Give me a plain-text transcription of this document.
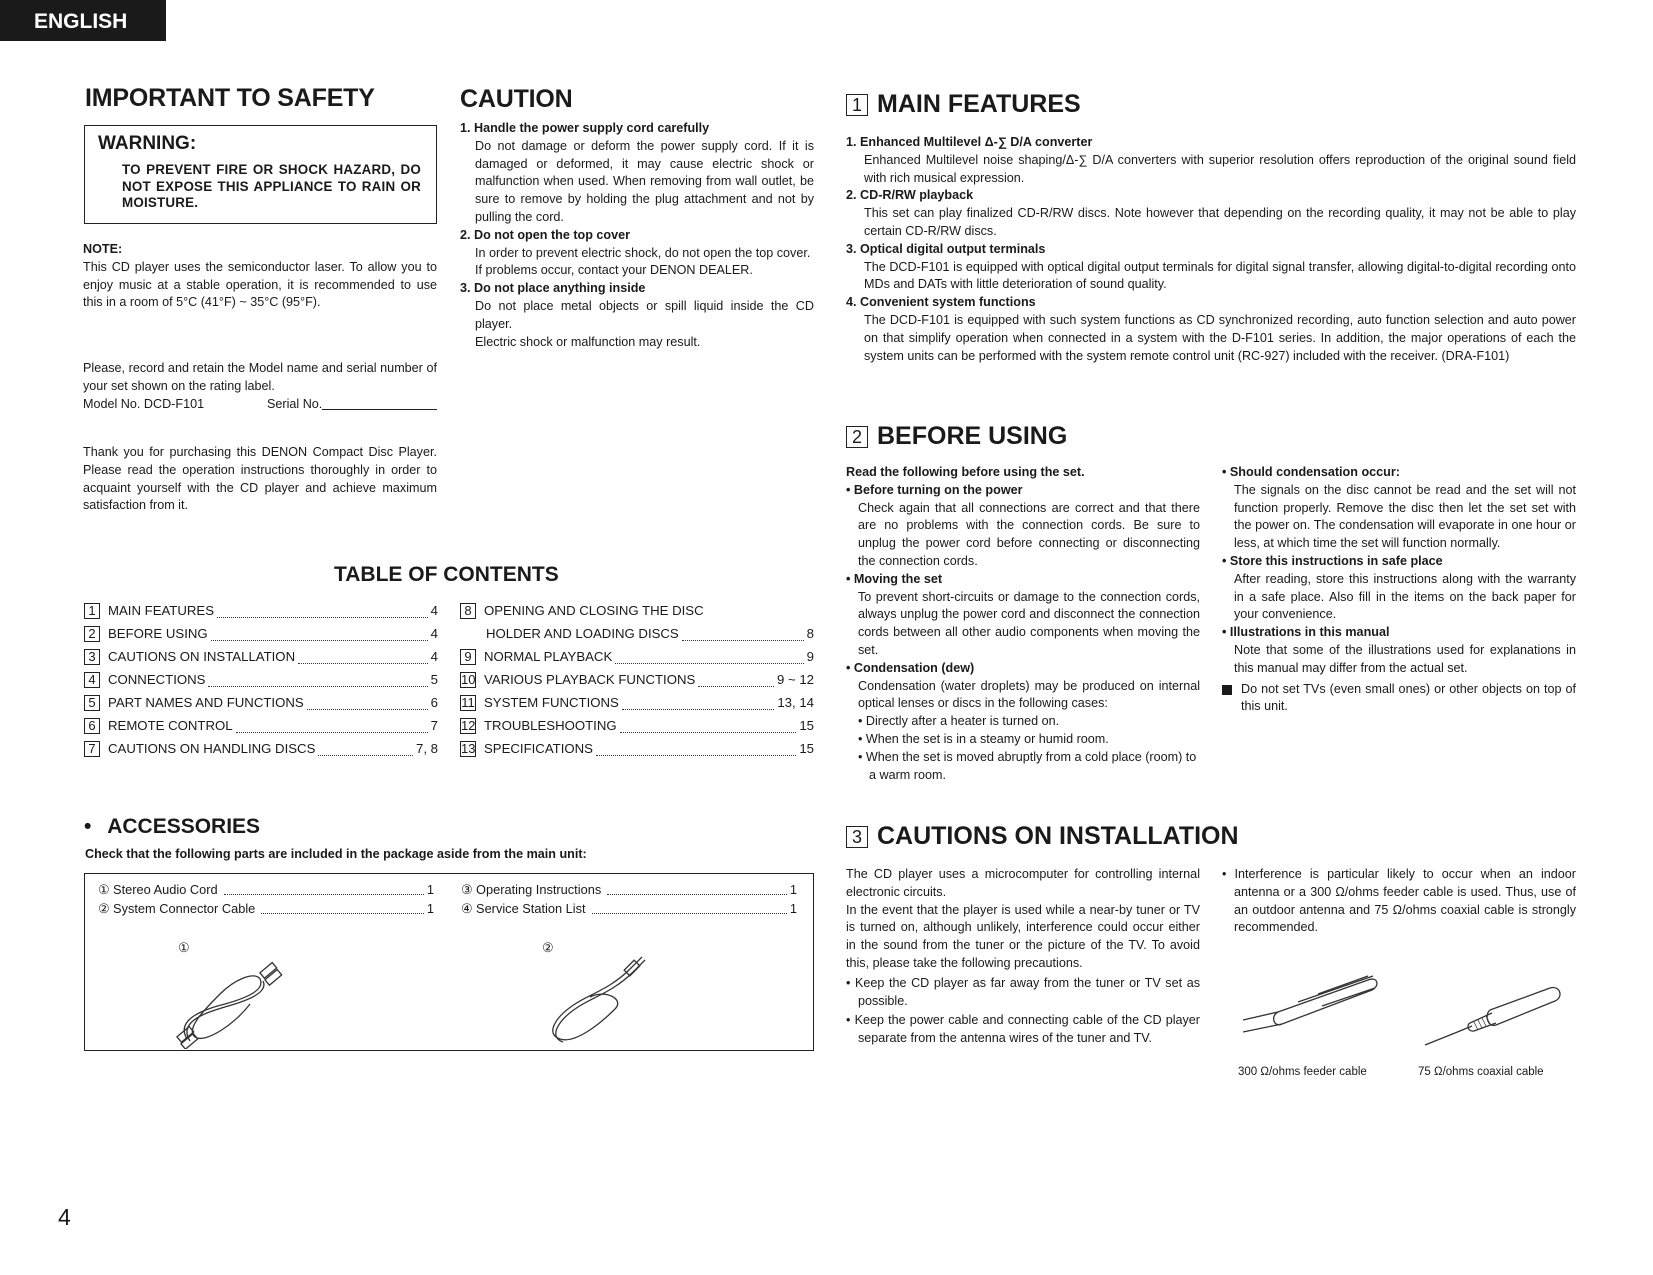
ENGLISH
IMPORTANT TO SAFETY
WARNING:
TO PREVENT FIRE OR SHOCK HAZARD, DO NOT EXPOSE THIS APPLIANCE TO RAIN OR MOISTURE.
NOTE:
This CD player uses the semiconductor laser. To allow you to enjoy music at a stable operation, it is recommended to use this in a room of 5°C (41°F) ~ 35°C (95°F).
Please, record and retain the Model name and serial number of your set shown on the rating label.
Model No. DCD-F101	Serial No.
Thank you for purchasing this DENON Compact Disc Player. Please read the operation instructions thoroughly in order to acquaint yourself with the CD player and achieve maximum satisfaction from it.
CAUTION
1. Handle the power supply cord carefully
Do not damage or deform the power supply cord. If it is damaged or deformed, it may cause electric shock or malfunction when used. When removing from wall outlet, be sure to remove by holding the plug attachment and not by pulling the cord.
2. Do not open the top cover
In order to prevent electric shock, do not open the top cover.
If problems occur, contact your DENON DEALER.
3. Do not place anything inside
Do not place metal objects or spill liquid inside the CD player.
Electric shock or malfunction may result.
TABLE OF CONTENTS
1 MAIN FEATURES	4
2 BEFORE USING	4
3 CAUTIONS ON INSTALLATION	4
4 CONNECTIONS	5
5 PART NAMES AND FUNCTIONS	6
6 REMOTE CONTROL	7
7 CAUTIONS ON HANDLING DISCS	7, 8
8 OPENING AND CLOSING THE DISC
HOLDER AND LOADING DISCS	8
9 NORMAL PLAYBACK	9
10 VARIOUS PLAYBACK FUNCTIONS	9 ~ 12
11 SYSTEM FUNCTIONS	13, 14
12 TROUBLESHOOTING	15
13 SPECIFICATIONS	15
• ACCESSORIES
Check that the following parts are included in the package aside from the main unit:
① Stereo Audio Cord	1
② System Connector Cable	1
③ Operating Instructions	1
④ Service Station List	1
①	②
1 MAIN FEATURES
1. Enhanced Multilevel Δ-∑ D/A converter
Enhanced Multilevel noise shaping/Δ-∑ D/A converters with superior resolution offers reproduction of the original sound field with rich musical expression.
2. CD-R/RW playback
This set can play finalized CD-R/RW discs. Note however that depending on the recording quality, it may not be able to play certain CD-R/RW discs.
3. Optical digital output terminals
The DCD-F101 is equipped with optical digital output terminals for digital signal transfer, allowing digital-to-digital recording onto MDs and DATs with little deterioration of sound quality.
4. Convenient system functions
The DCD-F101 is equipped with such system functions as CD synchronized recording, auto function selection and auto power on that simplify operation when connected in a system with the D-F101 series. In addition, the major operations of each the system units can be performed with the system remote control unit (RC-927) included with the receiver. (DRA-F101)
2 BEFORE USING
Read the following before using the set.
• Before turning on the power
Check again that all connections are correct and that there are no problems with the connection cords. Be sure to unplug the power cord before connecting or disconnecting the connection cords.
• Moving the set
To prevent short-circuits or damage to the connection cords, always unplug the power cord and disconnect the connection cords between all other audio components when moving the set.
• Condensation (dew)
Condensation (water droplets) may be produced on internal optical lenses or discs in the following cases:
• Directly after a heater is turned on.
• When the set is in a steamy or humid room.
• When the set is moved abruptly from a cold place (room) to a warm room.
• Should condensation occur:
The signals on the disc cannot be read and the set will not function properly. Remove the disc then let the set set with the power on. The condensation will evaporate in one hour or less, at which time the set will function normally.
• Store this instructions in safe place
After reading, store this instructions along with the warranty in a safe place. Also fill in the items on the back paper for your convenience.
• Illustrations in this manual
Note that some of the illustrations used for explanations in this manual may differ from the actual set.
Do not set TVs (even small ones) or other objects on top of this unit.
3 CAUTIONS ON INSTALLATION
The CD player uses a microcomputer for controlling internal electronic circuits.
In the event that the player is used while a near-by tuner or TV is turned on, although unlikely, interference could occur either in the sound from the tuner or the picture of the TV. To avoid this, please take the following precautions.
• Keep the CD player as far away from the tuner or TV set as possible.
• Keep the power cable and connecting cable of the CD player separate from the antenna wires of the tuner and TV.
• Interference is particular likely to occur when an indoor antenna or a 300 Ω/ohms feeder cable is used. Thus, use of an outdoor antenna and 75 Ω/ohms coaxial cable is strongly recommended.
300 Ω/ohms feeder cable	75 Ω/ohms coaxial cable
4
